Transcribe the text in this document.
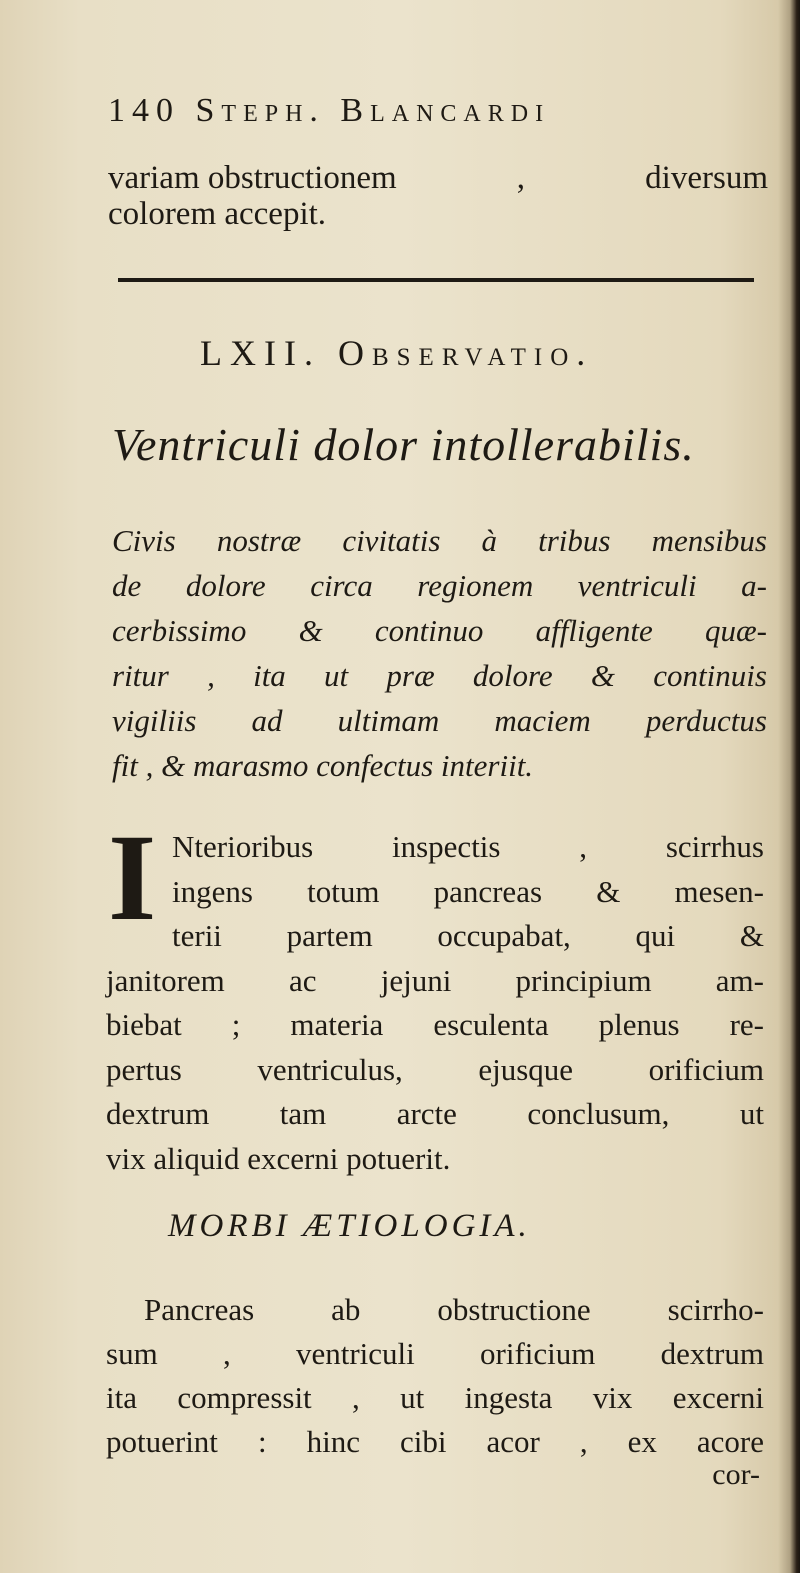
140 Steph. Blancardi
variam obstructionem	,	diversum
colorem accepit.
LXII. Observatio.
Ventriculi dolor intollerabilis.
Civis nostræ civitatis à tribus mensibus
de dolore circa regionem ventriculi a-
cerbissimo & continuo affligente quæ-
ritur , ita ut præ dolore & continuis
vigiliis ad ultimam maciem perductus
fit , & marasmo confectus interiit.
I Nterioribus	inspectis	,	scirrhus
ingens totum pancreas & mesen-
terii partem occupabat, qui &
janitorem ac jejuni principium am-
biebat ; materia esculenta plenus re-
pertus ventriculus, ejusque orificium
dextrum tam arcte conclusum, ut
vix aliquid excerni potuerit.
MORBI ÆTIOLOGIA.
Pancreas ab obstructione scirrho-
sum , ventriculi orificium dextrum
ita compressit , ut ingesta vix excerni
potuerint : hinc cibi acor , ex acore
cor-
